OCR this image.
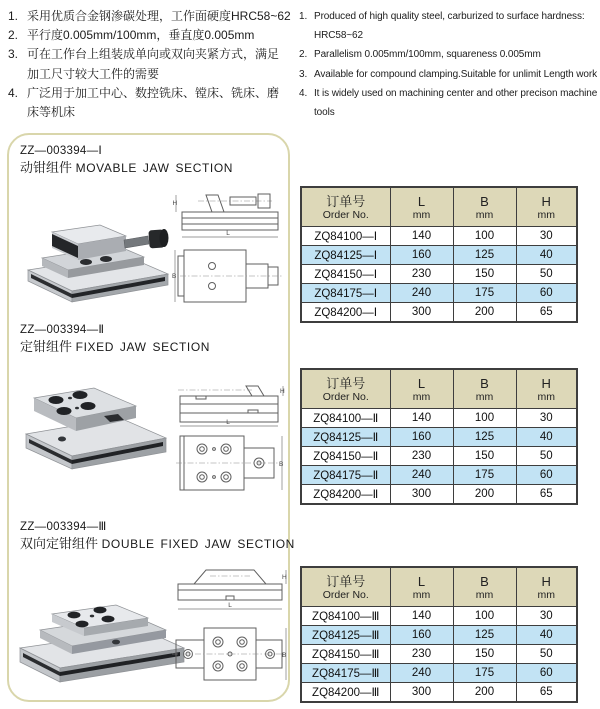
1. 采用优质合金钢渗碳处理，工作面硬度HRC58~62
2. 平行度0.005mm/100mm，垂直度0.005mm
3. 可在工作台上组装成单向或双向夹紧方式，满足
加工尺寸较大工件的需要
4. 广泛用于加工中心、数控铣床、镗床、铣床、磨
床等机床
1. Produced of high quality steel, carburized to surface hardness:
HRC58~62
2. Parallelism 0.005mm/100mm, squareness 0.005mm
3. Available for compound clamping.Suitable for unlimit Length work
4. It is widely used on machining center and other precison machine
tools
ZZ—003394—Ⅰ
动钳组件 MOVABLE JAW SECTION
H
L
B
订单号
Order No.

L
mm

B
mm

H
mm

ZQ84100—Ⅰ	140	100	30
ZQ84125—Ⅰ	160	125	40
ZQ84150—Ⅰ	230	150	50
ZQ84175—Ⅰ	240	175	60
ZQ84200—Ⅰ	300	200	65
ZZ—003394—Ⅱ
定钳组件 FIXED JAW SECTION
H
L
B
订单号
Order No.

L
mm

B
mm

H
mm

ZQ84100—Ⅱ	140	100	30
ZQ84125—Ⅱ	160	125	40
ZQ84150—Ⅱ	230	150	50
ZQ84175—Ⅱ	240	175	60
ZQ84200—Ⅱ	300	200	65
ZZ—003394—Ⅲ
双向定钳组件 DOUBLE FIXED JAW SECTION
H
L
B
订单号
Order No.

L
mm

B
mm

H
mm

ZQ84100—Ⅲ	140	100	30
ZQ84125—Ⅲ	160	125	40
ZQ84150—Ⅲ	230	150	50
ZQ84175—Ⅲ	240	175	60
ZQ84200—Ⅲ	300	200	65
